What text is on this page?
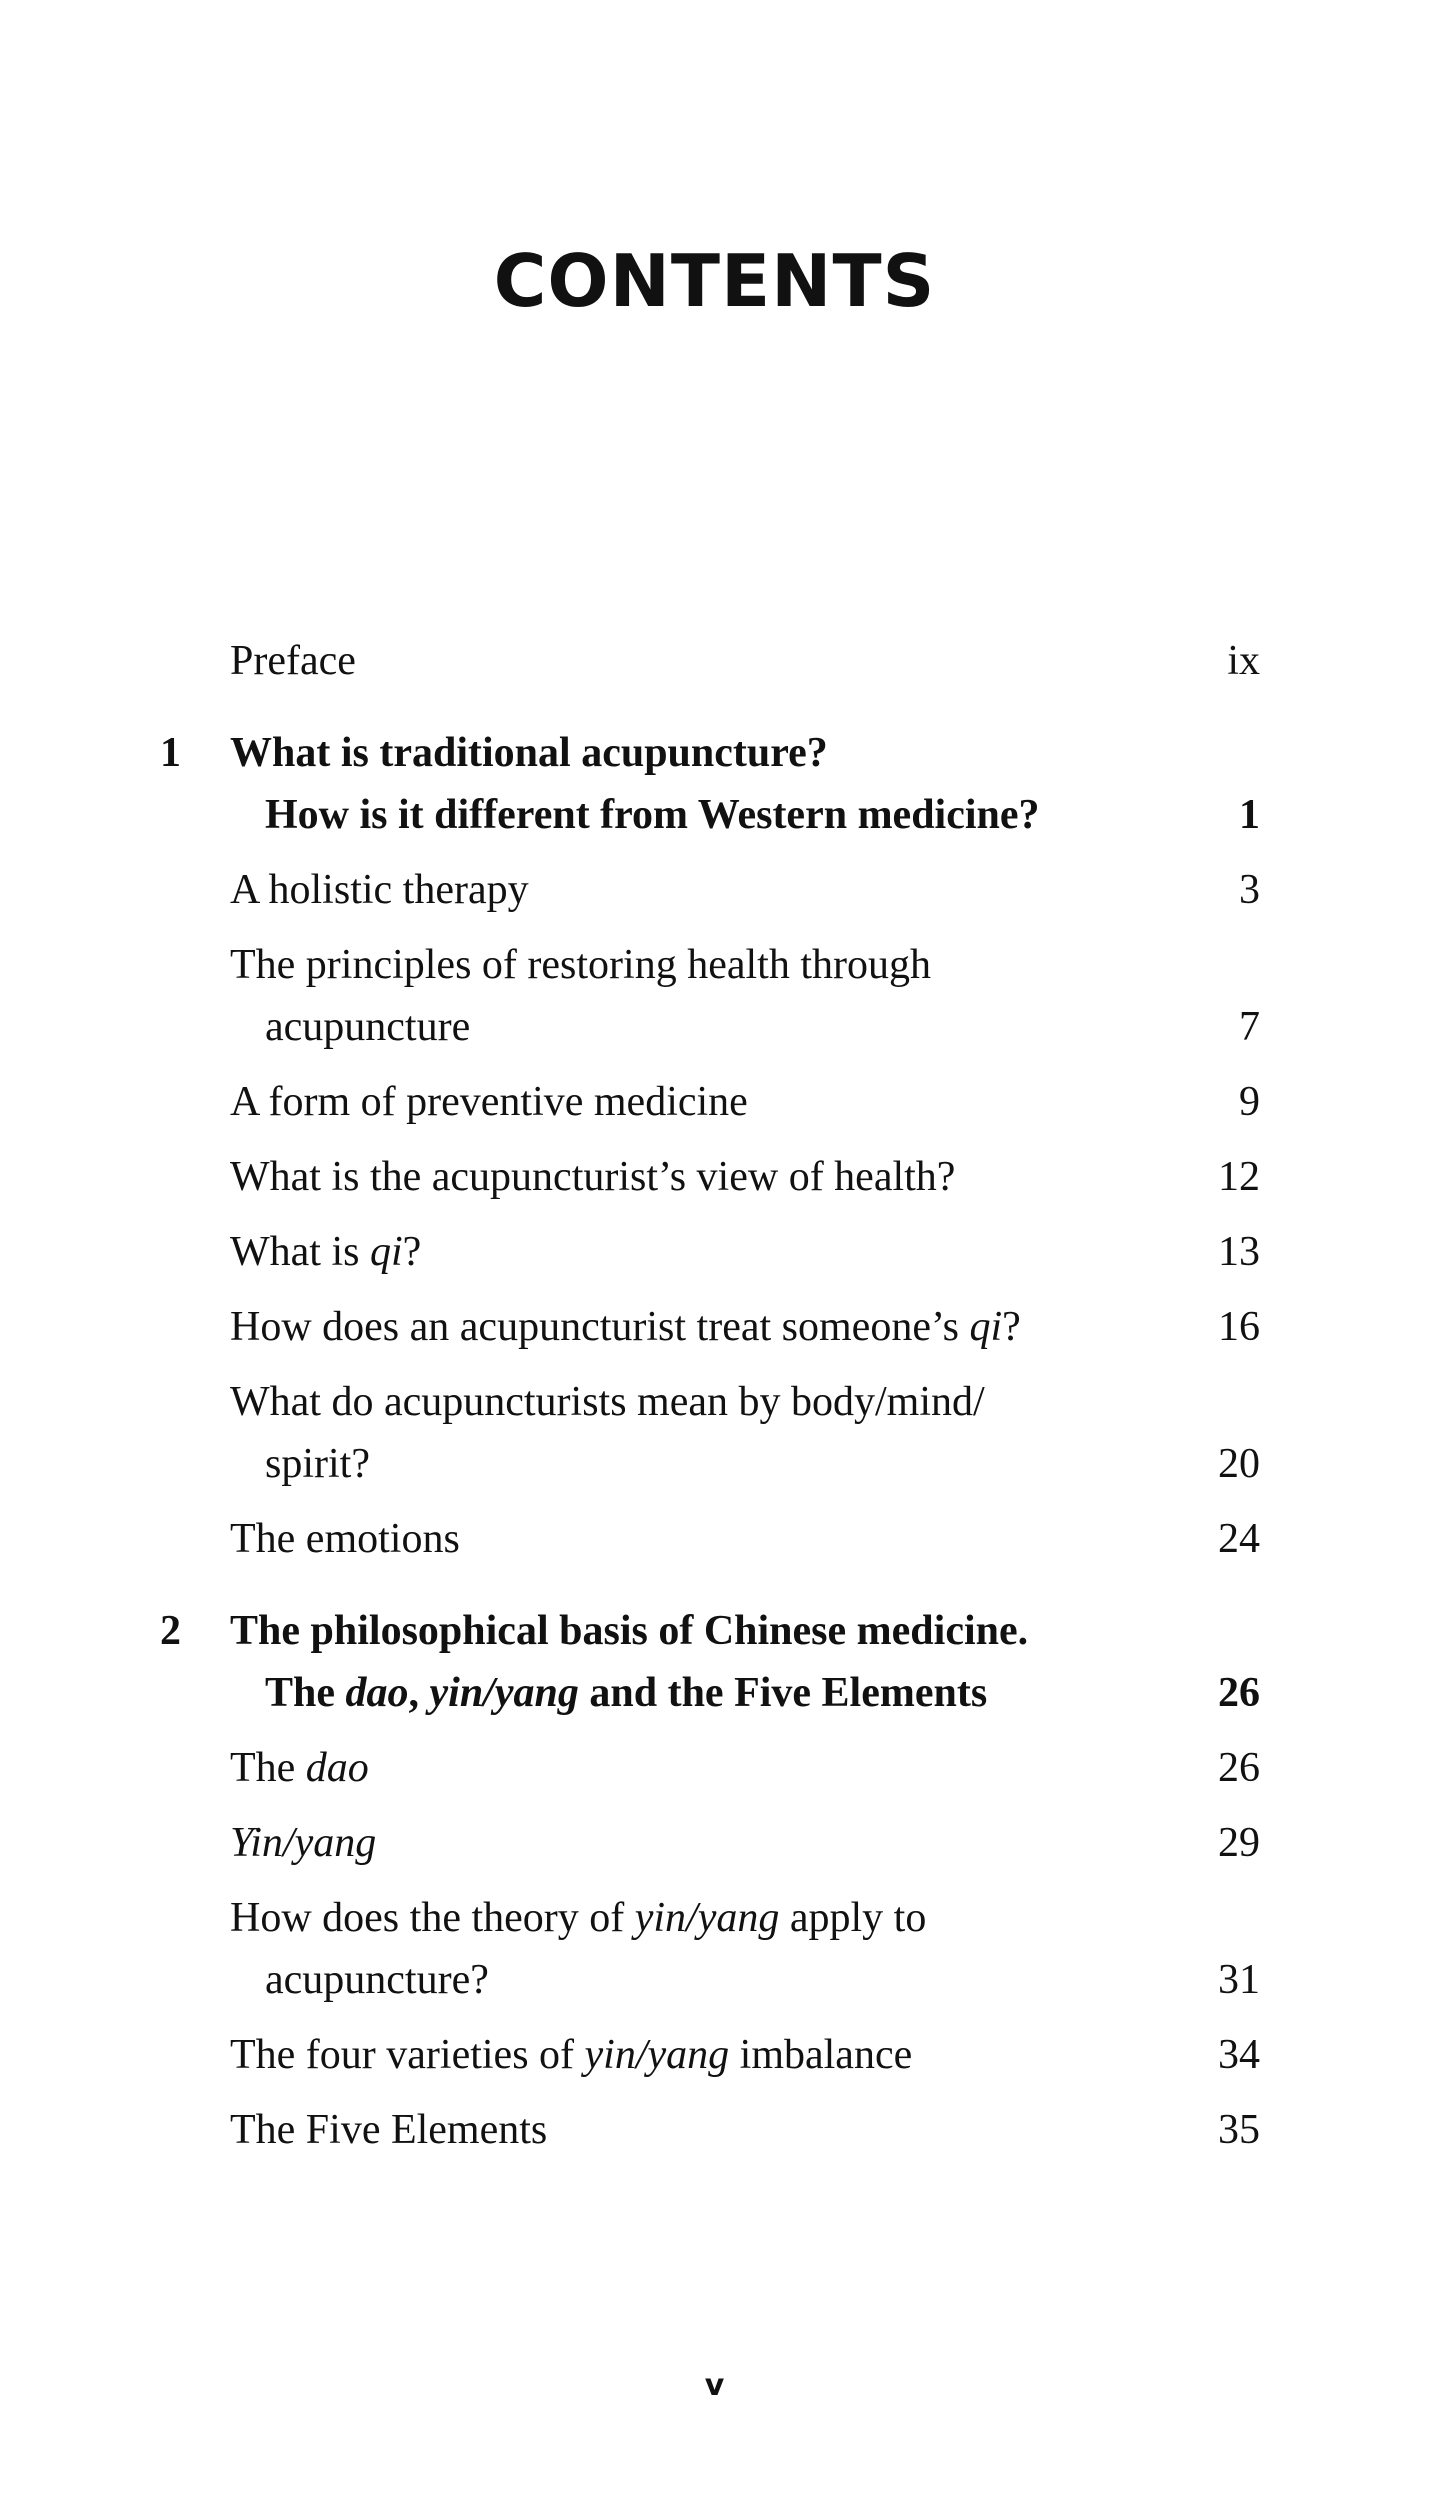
CONTENTS
Preface	ix
1	What is traditional acupuncture?
How is it different from Western medicine?	1
A holistic therapy	3
The principles of restoring health through
acupuncture	7
A form of preventive medicine	9
What is the acupuncturist’s view of health?	12
What is qi?	13
How does an acupuncturist treat someone’s qi?	16
What do acupuncturists mean by body/mind/
spirit?	20
The emotions	24
2	The philosophical basis of Chinese medicine.
The dao, yin/yang and the Five Elements	26
The dao	26
Yin/yang	29
How does the theory of yin/yang apply to
acupuncture?	31
The four varieties of yin/yang imbalance	34
The Five Elements	35
v
